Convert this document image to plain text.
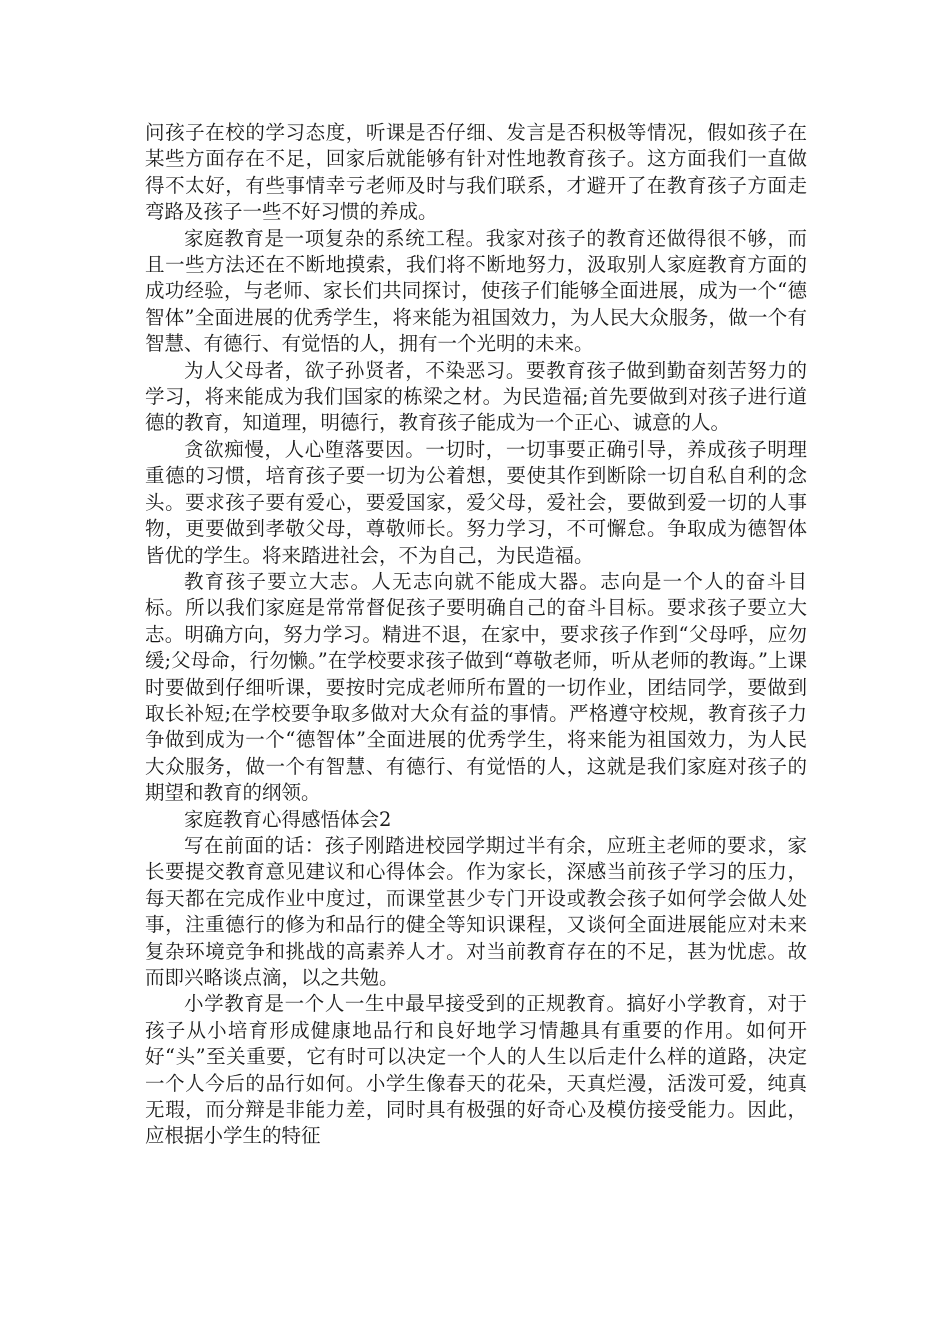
问孩子在校的学习态度，听课是否仔细、发言是否积极等情况，假如孩子在某些方面存在不足，回家后就能够有针对性地教育孩子。这方面我们一直做得不太好，有些事情幸亏老师及时与我们联系，才避开了在教育孩子方面走弯路及孩子一些不好习惯的养成。

家庭教育是一项复杂的系统工程。我家对孩子的教育还做得很不够，而且一些方法还在不断地摸索，我们将不断地努力，汲取别人家庭教育方面的成功经验，与老师、家长们共同探讨，使孩子们能够全面进展，成为一个“德智体”全面进展的优秀学生，将来能为祖国效力，为人民大众服务，做一个有智慧、有德行、有觉悟的人，拥有一个光明的未来。

为人父母者，欲子孙贤者，不染恶习。要教育孩子做到勤奋刻苦努力的学习，将来能成为我们国家的栋梁之材。为民造福;首先要做到对孩子进行道德的教育，知道理，明德行，教育孩子能成为一个正心、诚意的人。

贪欲痴慢，人心堕落要因。一切时，一切事要正确引导，养成孩子明理重德的习惯，培育孩子要一切为公着想，要使其作到断除一切自私自利的念头。要求孩子要有爱心，要爱国家，爱父母，爱社会，要做到爱一切的人事物，更要做到孝敬父母，尊敬师长。努力学习，不可懈怠。争取成为德智体皆优的学生。将来踏进社会，不为自己，为民造福。

教育孩子要立大志。人无志向就不能成大器。志向是一个人的奋斗目标。所以我们家庭是常常督促孩子要明确自己的奋斗目标。要求孩子要立大志。明确方向，努力学习。精进不退，在家中，要求孩子作到“父母呼，应勿缓;父母命，行勿懒。”在学校要求孩子做到“尊敬老师，听从老师的教诲。”上课时要做到仔细听课，要按时完成老师所布置的一切作业，团结同学，要做到取长补短;在学校要争取多做对大众有益的事情。严格遵守校规，教育孩子力争做到成为一个“德智体”全面进展的优秀学生，将来能为祖国效力，为人民大众服务，做一个有智慧、有德行、有觉悟的人，这就是我们家庭对孩子的期望和教育的纲领。

家庭教育心得感悟体会2

写在前面的话：孩子刚踏进校园学期过半有余，应班主老师的要求，家长要提交教育意见建议和心得体会。作为家长，深感当前孩子学习的压力，每天都在完成作业中度过，而课堂甚少专门开设或教会孩子如何学会做人处事，注重德行的修为和品行的健全等知识课程，又谈何全面进展能应对未来复杂环境竞争和挑战的高素养人才。对当前教育存在的不足，甚为忧虑。故而即兴略谈点滴，以之共勉。

小学教育是一个人一生中最早接受到的正规教育。搞好小学教育，对于孩子从小培育形成健康地品行和良好地学习情趣具有重要的作用。如何开好“头”至关重要，它有时可以决定一个人的人生以后走什么样的道路，决定一个人今后的品行如何。小学生像春天的花朵，天真烂漫，活泼可爱，纯真无瑕，而分辩是非能力差，同时具有极强的好奇心及模仿接受能力。因此，应根据小学生的特征
